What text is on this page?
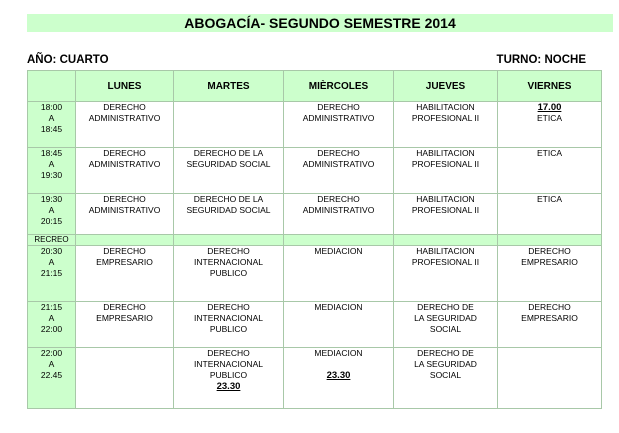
ABOGACÍA- SEGUNDO SEMESTRE 2014
AÑO: CUARTO	TURNO: NOCHE
	LUNES	MARTES	MIÈRCOLES	JUEVES	VIERNES

18:00
A
18:45	DERECHO
ADMINISTRATIVO		DERECHO
ADMINISTRATIVO	HABILITACION
PROFESIONAL II	17.00
ETICA

18:45
A
19:30	DERECHO
ADMINISTRATIVO	DERECHO DE LA
SEGURIDAD SOCIAL	DERECHO
ADMINISTRATIVO	HABILITACION
PROFESIONAL II	ETICA

19:30
A
20:15	DERECHO
ADMINISTRATIVO	DERECHO DE LA
SEGURIDAD SOCIAL	DERECHO
ADMINISTRATIVO	HABILITACION
PROFESIONAL II	ETICA

RECREO					

20:30
A
21:15	DERECHO
EMPRESARIO	DERECHO
INTERNACIONAL
PUBLICO	MEDIACION	HABILITACION
PROFESIONAL II	DERECHO
EMPRESARIO

21:15
A
22:00	DERECHO
EMPRESARIO	DERECHO
INTERNACIONAL
PUBLICO	MEDIACION	DERECHO DE
LA SEGURIDAD
SOCIAL	DERECHO
EMPRESARIO

22:00
A
22.45		DERECHO
INTERNACIONAL
PUBLICO
23.30	MEDIACION
23.30	DERECHO DE
LA SEGURIDAD
SOCIAL	
